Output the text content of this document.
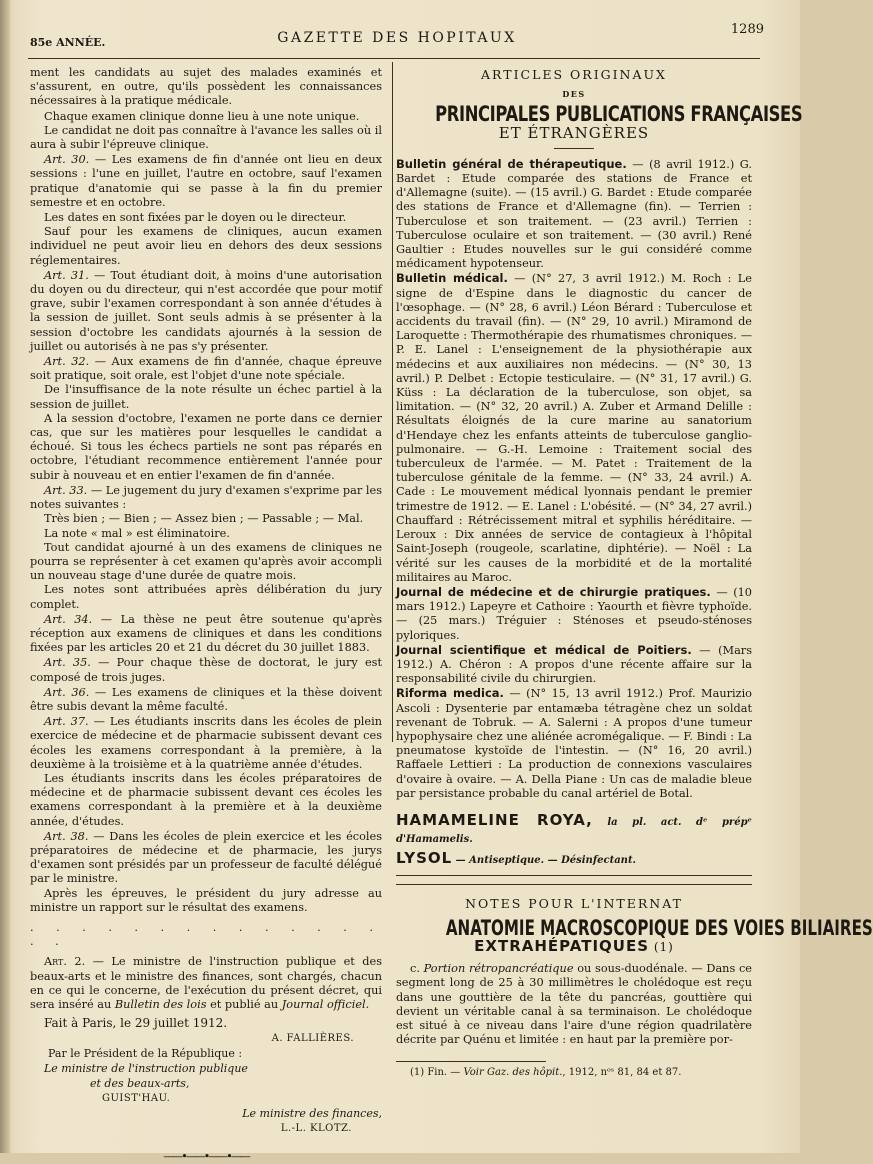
85e ANNÉE.	GAZETTE DES HOPITAUX
1289

ment les candidats au sujet des malades examinés et s'assurent, en outre, qu'ils possèdent les connaissances nécessaires à la pratique médicale.

Chaque examen clinique donne lieu à une note unique.

Le candidat ne doit pas connaître à l'avance les salles où il aura à subir l'épreuve clinique.

Art. 30. — Les examens de fin d'année ont lieu en deux sessions : l'une en juillet, l'autre en octobre, sauf l'examen pratique d'anatomie qui se passe à la fin du premier semestre et en octobre.

Les dates en sont fixées par le doyen ou le directeur.

Sauf pour les examens de cliniques, aucun examen individuel ne peut avoir lieu en dehors des deux sessions réglementaires.

Art. 31. — Tout étudiant doit, à moins d'une autorisation du doyen ou du directeur, qui n'est accordée que pour motif grave, subir l'examen correspondant à son année d'études à la session de juillet. Sont seuls admis à se présenter à la session d'octobre les candidats ajournés à la session de juillet ou autorisés à ne pas s'y présenter.

Art. 32. — Aux examens de fin d'année, chaque épreuve soit pratique, soit orale, est l'objet d'une note spéciale.

De l'insuffisance de la note résulte un échec partiel à la session de juillet.

A la session d'octobre, l'examen ne porte dans ce dernier cas, que sur les matières pour lesquelles le candidat a échoué. Si tous les échecs partiels ne sont pas réparés en octobre, l'étudiant recommence entièrement l'année pour subir à nouveau et en entier l'examen de fin d'année.

Art. 33. — Le jugement du jury d'examen s'exprime par les notes suivantes :

Très bien ; — Bien ; — Assez bien ; — Passable ; — Mal.

La note « mal » est éliminatoire.

Tout candidat ajourné à un des examens de cliniques ne pourra se représenter à cet examen qu'après avoir accompli un nouveau stage d'une durée de quatre mois.

Les notes sont attribuées après délibération du jury complet.

Art. 34. — La thèse ne peut être soutenue qu'après réception aux examens de cliniques et dans les conditions fixées par les articles 20 et 21 du décret du 30 juillet 1883.

Art. 35. — Pour chaque thèse de doctorat, le jury est composé de trois juges.

Art. 36. — Les examens de cliniques et la thèse doivent être subis devant la même faculté.

Art. 37. — Les étudiants inscrits dans les écoles de plein exercice de médecine et de pharmacie subissent devant ces écoles les examens correspondant à la première, à la deuxième à la troisième et à la quatrième année d'études.

Les étudiants inscrits dans les écoles préparatoires de médecine et de pharmacie subissent devant ces écoles les examens correspondant à la première et à la deuxième année, d'études.

Art. 38. — Dans les écoles de plein exercice et les écoles préparatoires de médecine et de pharmacie, les jurys d'examen sont présidés par un professeur de faculté délégué par le ministre.

Après les épreuves, le président du jury adresse au ministre un rapport sur le résultat des examens.

. . . . . . . . . . . . . . . .

Art. 2. — Le ministre de l'instruction publique et des beaux-arts et le ministre des finances, sont chargés, chacun en ce qui le concerne, de l'exécution du présent décret, qui sera inséré au Bulletin des lois et publié au Journal officiel.

Fait à Paris, le 29 juillet 1912.
A. FALLIÈRES.
Par le Président de la République :
Le ministre de l'instruction publique
et des beaux-arts,
GUIST'HAU.
Le ministre des finances,
L.-L. KLOTZ.
——•——•——•——
ARTICLES ORIGINAUX
DES
PRINCIPALES PUBLICATIONS FRANÇAISES
ET ÉTRANGÈRES

Bulletin général de thérapeutique. — (8 avril 1912.) G. Bardet : Etude comparée des stations de France et d'Allemagne (suite). — (15 avril.) G. Bardet : Etude comparée des stations de France et d'Allemagne (fin). — Terrien : Tuberculose et son traitement. — (23 avril.) Terrien : Tuberculose oculaire et son traitement. — (30 avril.) René Gaultier : Etudes nouvelles sur le gui considéré comme médicament hypotenseur.

Bulletin médical. — (N° 27, 3 avril 1912.) M. Roch : Le signe de d'Espine dans le diagnostic du cancer de l'œsophage. — (N° 28, 6 avril.) Léon Bérard : Tuberculose et accidents du travail (fin). — (N° 29, 10 avril.) Miramond de Laroquette : Thermothérapie des rhumatismes chroniques. — P. E. Lanel : L'enseignement de la physiothérapie aux médecins et aux auxiliaires non médecins. — (N° 30, 13 avril.) P. Delbet : Ectopie testiculaire. — (N° 31, 17 avril.) G. Küss : La déclaration de la tuberculose, son objet, sa limitation. — (N° 32, 20 avril.) A. Zuber et Armand Delille : Résultats éloignés de la cure marine au sanatorium d'Hendaye chez les enfants atteints de tuberculose ganglio-pulmonaire. — G.-H. Lemoine : Traitement social des tuberculeux de l'armée. — M. Patet : Traitement de la tuberculose génitale de la femme. — (N° 33, 24 avril.) A. Cade : Le mouvement médical lyonnais pendant le premier trimestre de 1912. — E. Lanel : L'obésité. — (N° 34, 27 avril.) Chauffard : Rétrécissement mitral et syphilis héréditaire. — Leroux : Dix années de service de contagieux à l'hôpital Saint-Joseph (rougeole, scarlatine, diphtérie). — Noël : La vérité sur les causes de la morbidité et de la mortalité militaires au Maroc.

Journal de médecine et de chirurgie pratiques. — (10 mars 1912.) Lapeyre et Cathoire : Yaourth et fièvre typhoïde. — (25 mars.) Tréguier : Sténoses et pseudo-sténoses pyloriques.

Journal scientifique et médical de Poitiers. — (Mars 1912.) A. Chéron : A propos d'une récente affaire sur la responsabilité civile du chirurgien.

Riforma medica. — (N° 15, 13 avril 1912.) Prof. Maurizio Ascoli : Dysenterie par entamæba tétragène chez un soldat revenant de Tobruk. — A. Salerni : A propos d'une tumeur hypophysaire chez une aliénée acromégalique. — F. Bindi : La pneumatose kystoïde de l'intestin. — (N° 16, 20 avril.) Raffaele Lettieri : La production de connexions vasculaires d'ovaire à ovaire. — A. Della Piane : Un cas de maladie bleue par persistance probable du canal artériel de Botal.

HAMAMELINE ROYA, la pl. act. dᵉ prépᵉ d'Hamamelis.
LYSOL — Antiseptique. — Désinfectant.
NOTES POUR L'INTERNAT
ANATOMIE MACROSCOPIQUE DES VOIES BILIAIRES
EXTRAHÉPATIQUES (1)

c. Portion rétropancréatique ou sous-duodénale. — Dans ce segment long de 25 à 30 millimètres le cholédoque est reçu dans une gouttière de la tête du pancréas, gouttière qui devient un véritable canal à sa terminaison. Le cholédoque est situé à ce niveau dans l'aire d'une région quadrilatère décrite par Quénu et limitée : en haut par la première por-

(1) Fin. — Voir Gaz. des hôpit., 1912, nᵒˢ 81, 84 et 87.
